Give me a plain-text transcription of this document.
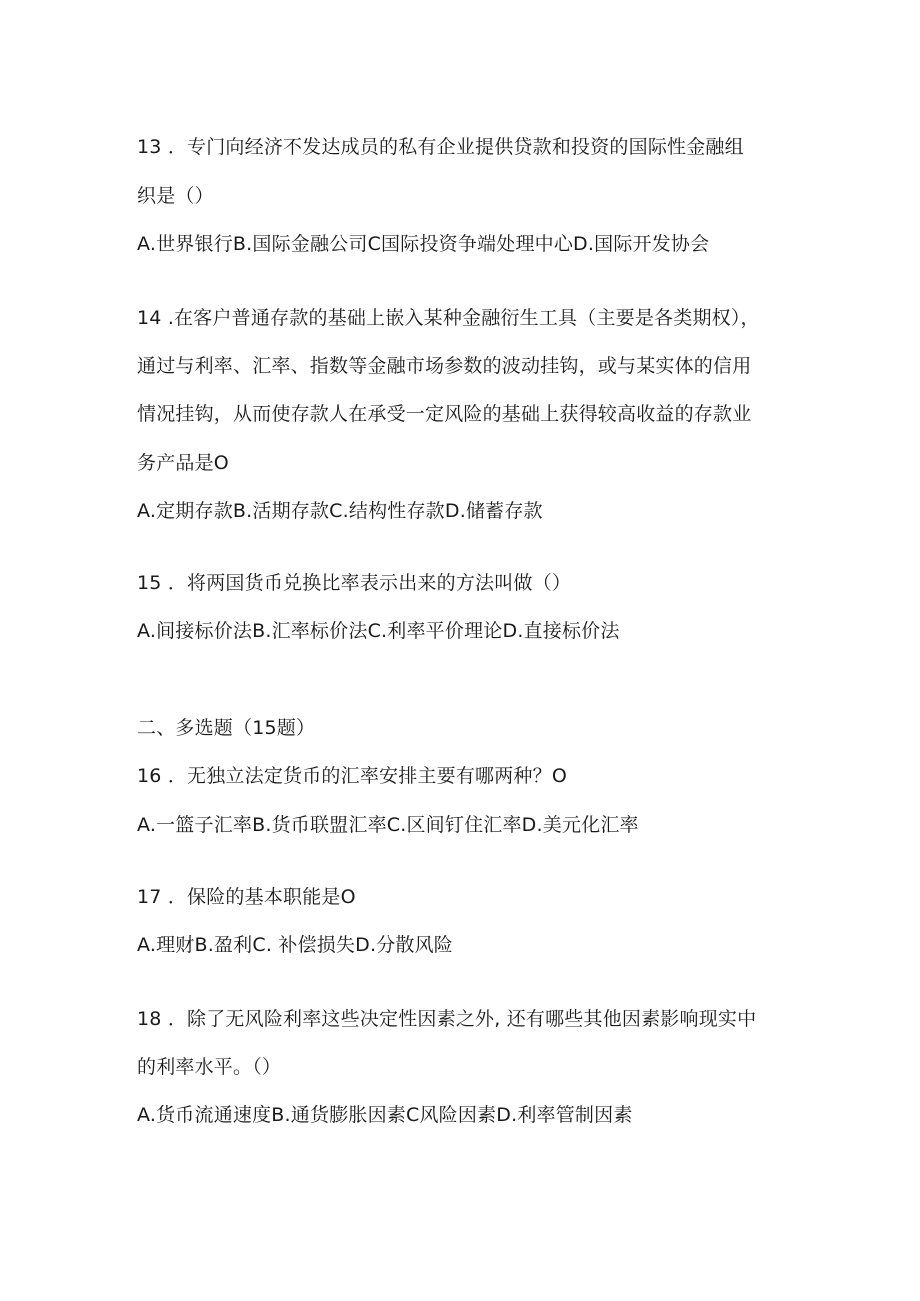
13 ．专门向经济不发达成员的私有企业提供贷款和投资的国际性金融组
织是（）
A.世界银行B.国际金融公司C国际投资争端处理中心D.国际开发协会
14 .在客户普通存款的基础上嵌入某种金融衍生工具（主要是各类期权），
通过与利率、汇率、指数等金融市场参数的波动挂钩，或与某实体的信用
情况挂钩，从而使存款人在承受一定风险的基础上获得较高收益的存款业
务产品是O
A.定期存款B.活期存款C.结构性存款D.储蓄存款
15 ．将两国货币兑换比率表示出来的方法叫做（）
A.间接标价法B.汇率标价法C.利率平价理论D.直接标价法
二、多选题（15题）
16 ．无独立法定货币的汇率安排主要有哪两种？O
A.一篮子汇率B.货币联盟汇率C.区间钉住汇率D.美元化汇率
17 ．保险的基本职能是O
A.理财B.盈利C. 补偿损失D.分散风险
18 ．除了无风险利率这些决定性因素之外, 还有哪些其他因素影响现实中
的利率水平。（）
A.货币流通速度B.通货膨胀因素C风险因素D.利率管制因素
